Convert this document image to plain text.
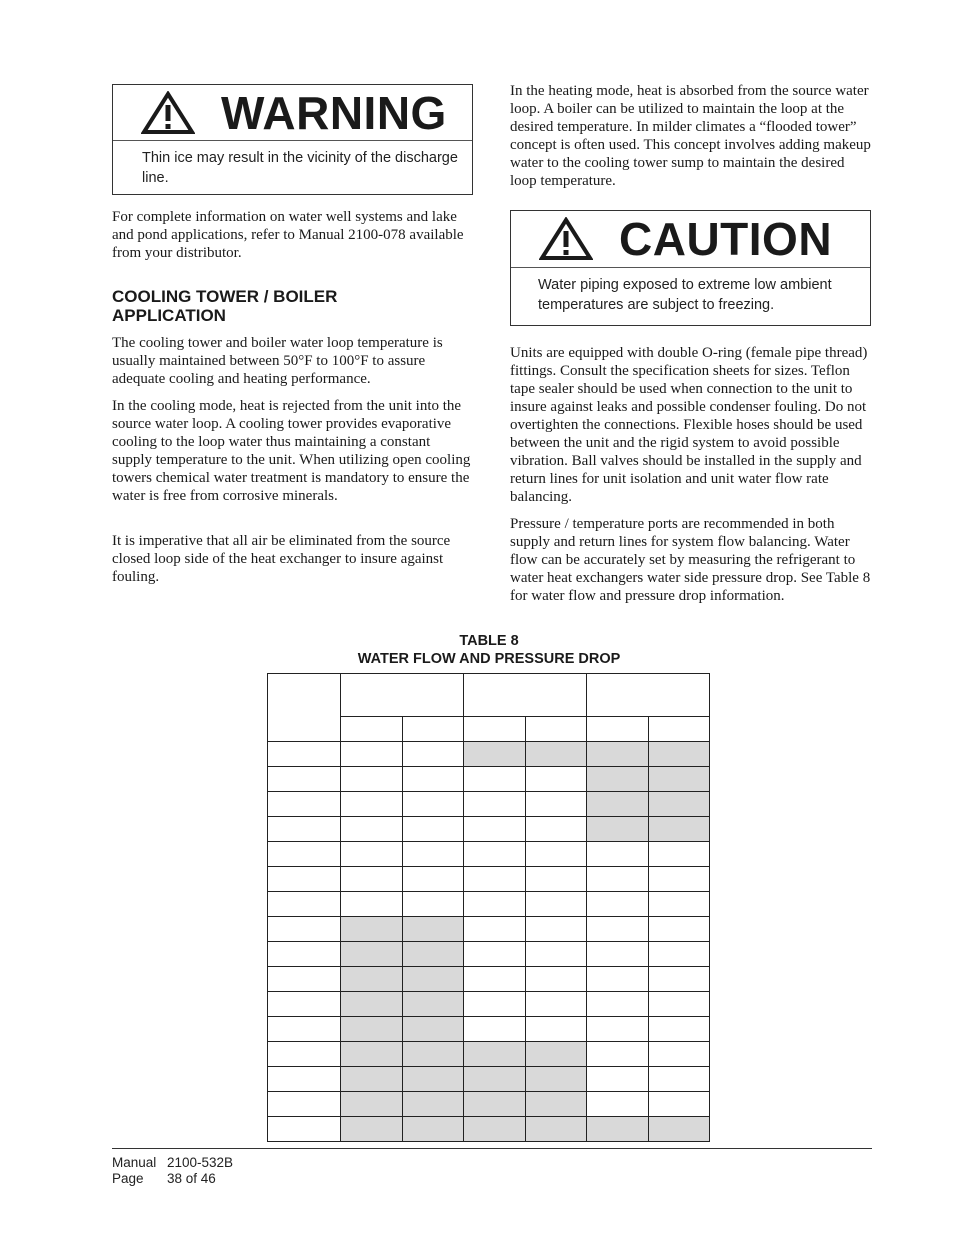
WARNING
Thin ice may result in the vicinity of the discharge line.

For complete information on water well systems and lake and pond applications, refer to Manual 2100-078 available from your distributor.

COOLING TOWER / BOILER APPLICATION

The cooling tower and boiler water loop temperature is usually maintained between 50°F to 100°F to assure adequate cooling and heating performance.

In the cooling mode, heat is rejected from the unit into the source water loop. A cooling tower provides evaporative cooling to the loop water thus maintaining a constant supply temperature to the unit. When utilizing open cooling towers chemical water treatment is mandatory to ensure the water is free from corrosive minerals.

It is imperative that all air be eliminated from the source closed loop side of the heat exchanger to insure against fouling.

In the heating mode, heat is absorbed from the source water loop. A boiler can be utilized to maintain the loop at the desired temperature. In milder climates a “flooded tower” concept is often used. This concept involves adding makeup water to the cooling tower sump to maintain the desired loop temperature.

CAUTION
Water piping exposed to extreme low ambient temperatures are subject to freezing.

Units are equipped with double O-ring (female pipe thread) fittings. Consult the specification sheets for sizes. Teflon tape sealer should be used when connection to the unit to insure against leaks and possible condenser fouling. Do not overtighten the connections. Flexible hoses should be used between the unit and the rigid system to avoid possible vibration. Ball valves should be installed in the supply and return lines for unit isolation and unit water flow rate balancing.

Pressure / temperature ports are recommended in both supply and return lines for system flow balancing. Water flow can be accurately set by measuring the refrigerant to water heat exchangers water side pressure drop. See Table 8 for water flow and pressure drop information.

TABLE 8
WATER FLOW AND PRESSURE DROP

Manual 2100-532B
Page 38 of 46
